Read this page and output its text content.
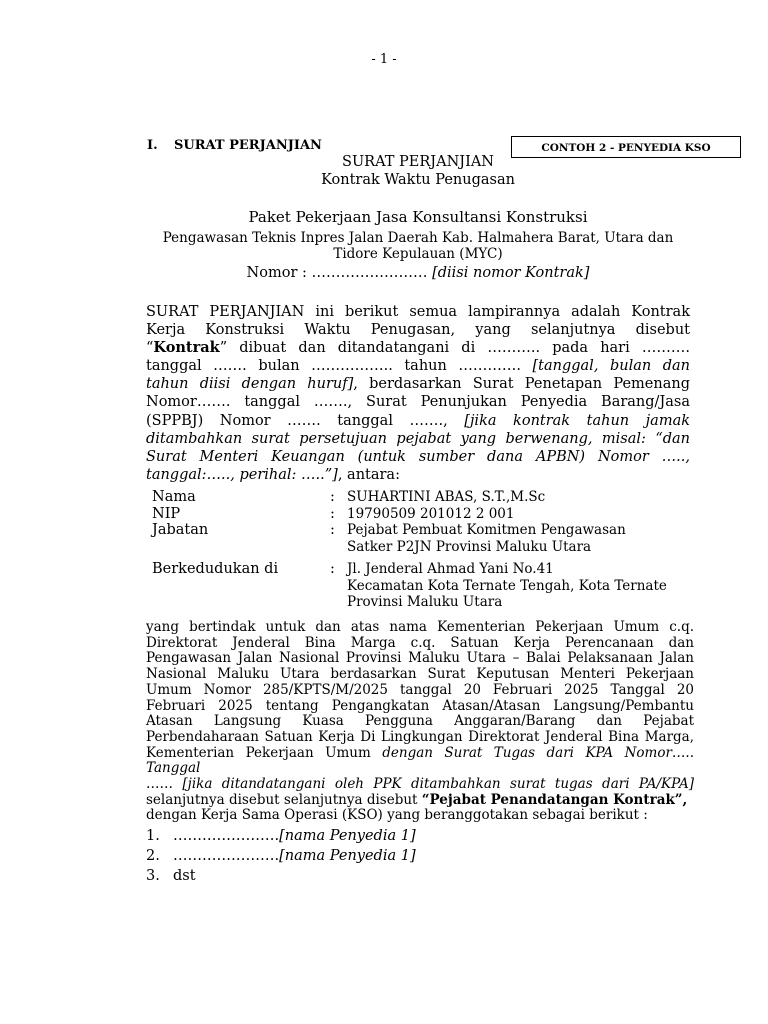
- 1 -
I. SURAT PERJANJIAN	CONTOH 2 - PENYEDIA KSO
SURAT PERJANJIAN
Kontrak Waktu Penugasan
Paket Pekerjaan Jasa Konsultansi Konstruksi
Pengawasan Teknis Inpres Jalan Daerah Kab. Halmahera Barat, Utara dan
Tidore Kepulauan (MYC)
Nomor : …………………… [diisi nomor Kontrak]
SURAT PERJANJIAN ini berikut semua lampirannya adalah Kontrak
Kerja Konstruksi Waktu Penugasan, yang selanjutnya disebut
“Kontrak” dibuat dan ditandatangani di ……….. pada hari ……….
tanggal ……. bulan …………….. tahun …………. [tanggal, bulan dan
tahun diisi dengan huruf], berdasarkan Surat Penetapan Pemenang
Nomor……. tanggal ……., Surat Penunjukan Penyedia Barang/Jasa
(SPPBJ) Nomor ……. tanggal ……., [jika kontrak tahun jamak
ditambahkan surat persetujuan pejabat yang berwenang, misal: “dan
Surat Menteri Keuangan (untuk sumber dana APBN) Nomor …..,
tanggal:….., perihal: …..”], antara:
Nama	: SUHARTINI ABAS, S.T.,M.Sc
NIP	: 19790509 201012 2 001
Jabatan	: Pejabat Pembuat Komitmen Pengawasan
Satker P2JN Provinsi Maluku Utara
Berkedudukan di	: Jl. Jenderal Ahmad Yani No.41
Kecamatan Kota Ternate Tengah, Kota Ternate
Provinsi Maluku Utara
yang bertindak untuk dan atas nama Kementerian Pekerjaan Umum c.q.
Direktorat Jenderal Bina Marga c.q. Satuan Kerja Perencanaan dan
Pengawasan Jalan Nasional Provinsi Maluku Utara – Balai Pelaksanaan Jalan
Nasional Maluku Utara berdasarkan Surat Keputusan Menteri Pekerjaan
Umum Nomor 285/KPTS/M/2025 tanggal 20 Februari 2025 Tanggal 20
Februari 2025 tentang Pengangkatan Atasan/Atasan Langsung/Pembantu
Atasan Langsung Kuasa Pengguna Anggaran/Barang dan Pejabat
Perbendaharaan Satuan Kerja Di Lingkungan Direktorat Jenderal Bina Marga,
Kementerian Pekerjaan Umum dengan Surat Tugas dari KPA Nomor….. Tanggal
…… [jika ditandatangani oleh PPK ditambahkan surat tugas dari PA/KPA]
selanjutnya disebut selanjutnya disebut “Pejabat Penandatangan Kontrak”,
dengan Kerja Sama Operasi (KSO) yang beranggotakan sebagai berikut :
1. ………………….[nama Penyedia 1]
2. ………………….[nama Penyedia 1]
3. dst
